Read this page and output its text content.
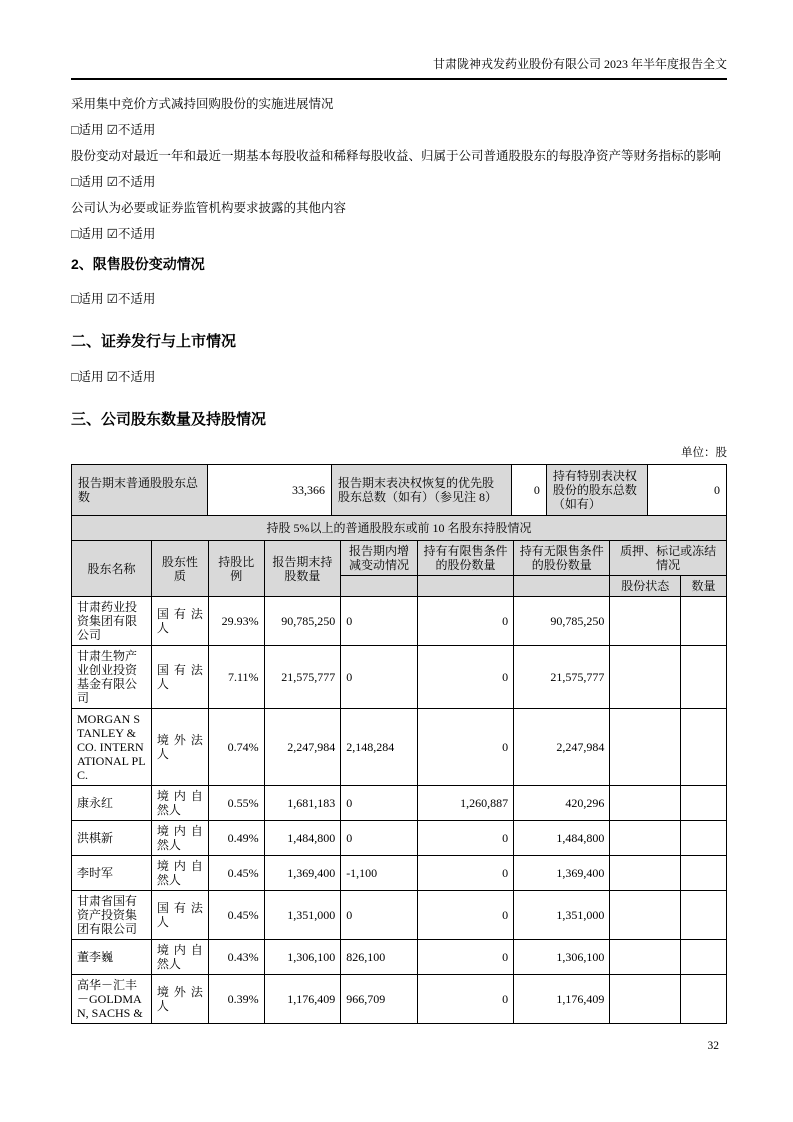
甘肃陇神戎发药业股份有限公司 2023 年半年度报告全文
采用集中竞价方式减持回购股份的实施进展情况
□适用 ☑不适用
股份变动对最近一年和最近一期基本每股收益和稀释每股收益、归属于公司普通股股东的每股净资产等财务指标的影响
□适用 ☑不适用
公司认为必要或证券监管机构要求披露的其他内容
□适用 ☑不适用
2、限售股份变动情况
□适用 ☑不适用
二、证券发行与上市情况
□适用 ☑不适用
三、公司股东数量及持股情况
单位：股
报告期末普通股股东总数	33,366	报告期末表决权恢复的优先股股东总数（如有）（参见注 8）	0	持有特别表决权股份的股东总数（如有）	0
持股 5%以上的普通股股东或前 10 名股东持股情况								
股东名称	股东性质	持股比例	报告期末持股数量	报告期内增减变动情况	持有有限售条件的股份数量	持有无限售条件的股份数量	质押、标记或冻结情况	
							股份状态	数量
甘肃药业投资集团有限公司	国有法人	29.93%	90,785,250	0	0	90,785,250		
甘肃生物产业创业投资基金有限公司	国有法人	7.11%	21,575,777	0	0	21,575,777		
MORGAN STANLEY & CO. INTERNATIONAL PLC.	境外法人	0.74%	2,247,984	2,148,284	0	2,247,984		
康永红	境内自然人	0.55%	1,681,183	0	1,260,887	420,296		
洪棋新	境内自然人	0.49%	1,484,800	0	0	1,484,800		
李时军	境内自然人	0.45%	1,369,400	-1,100	0	1,369,400		
甘肃省国有资产投资集团有限公司	国有法人	0.45%	1,351,000	0	0	1,351,000		
董李巍	境内自然人	0.43%	1,306,100	826,100	0	1,306,100		
高华－汇丰－GOLDMAN, SACHS &	境外法人	0.39%	1,176,409	966,709	0	1,176,409		
32
